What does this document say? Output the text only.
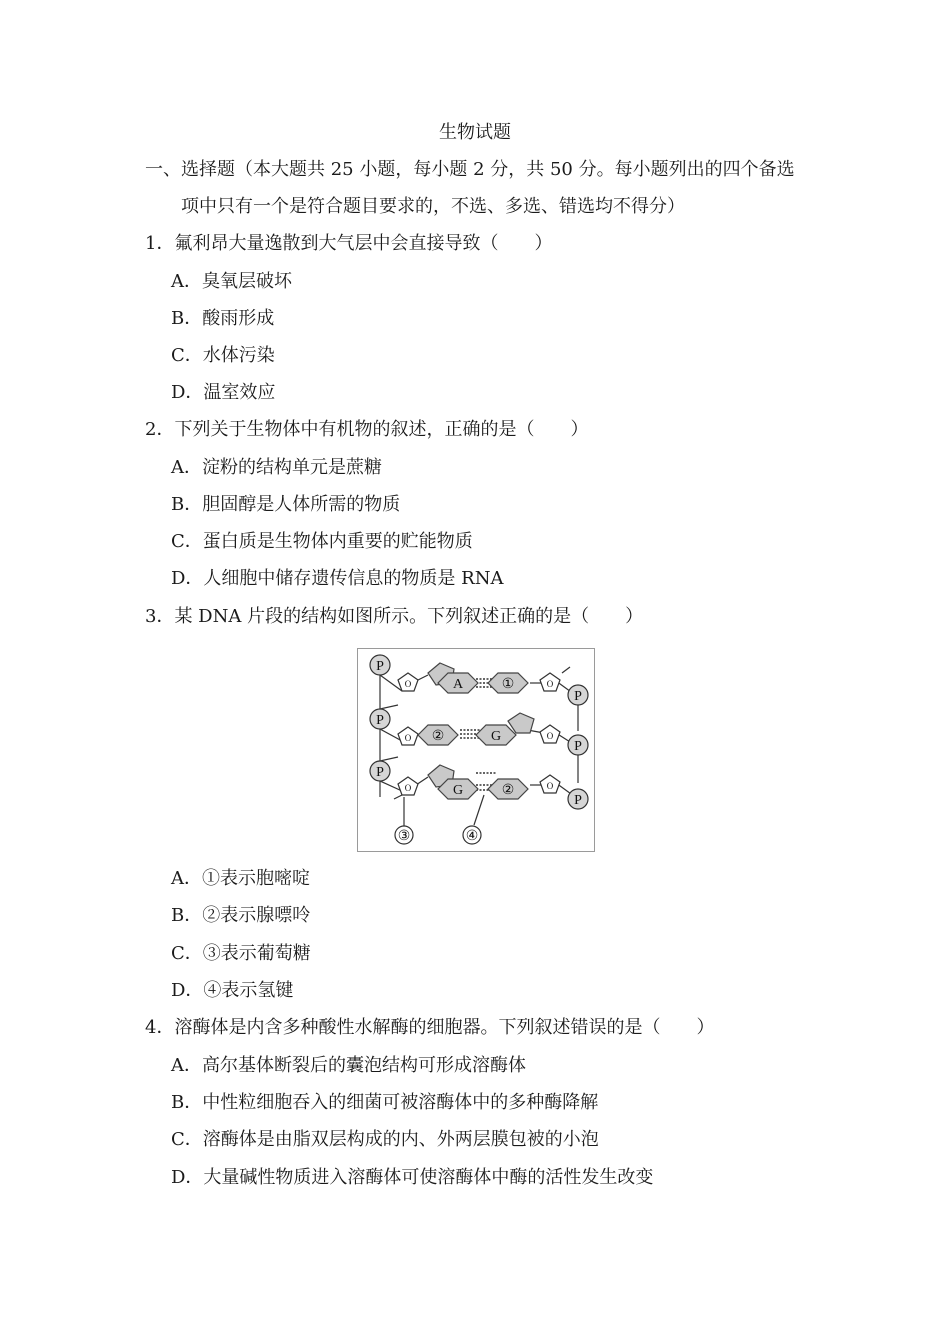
生物试题
一、选择题（本大题共 25 小题，每小题 2 分，共 50 分。每小题列出的四个备选
项中只有一个是符合题目要求的，不选、多选、错选均不得分）
1．氟利昂大量逸散到大气层中会直接导致（　　）
A．臭氧层破坏
B．酸雨形成
C．水体污染
D．温室效应
2．下列关于生物体中有机物的叙述，正确的是（　　）
A．淀粉的结构单元是蔗糖
B．胆固醇是人体所需的物质
C．蛋白质是生物体内重要的贮能物质
D．人细胞中储存遗传信息的物质是 RNA
3．某 DNA 片段的结构如图所示。下列叙述正确的是（　　）
P
P
P
P
P
P
A	①
②	G
G	②
③	④
O
O
O
O
O
O
A．①表示胞嘧啶
B．②表示腺嘌呤
C．③表示葡萄糖
D．④表示氢键
4．溶酶体是内含多种酸性水解酶的细胞器。下列叙述错误的是（　　）
A．高尔基体断裂后的囊泡结构可形成溶酶体
B．中性粒细胞吞入的细菌可被溶酶体中的多种酶降解
C．溶酶体是由脂双层构成的内、外两层膜包被的小泡
D．大量碱性物质进入溶酶体可使溶酶体中酶的活性发生改变
